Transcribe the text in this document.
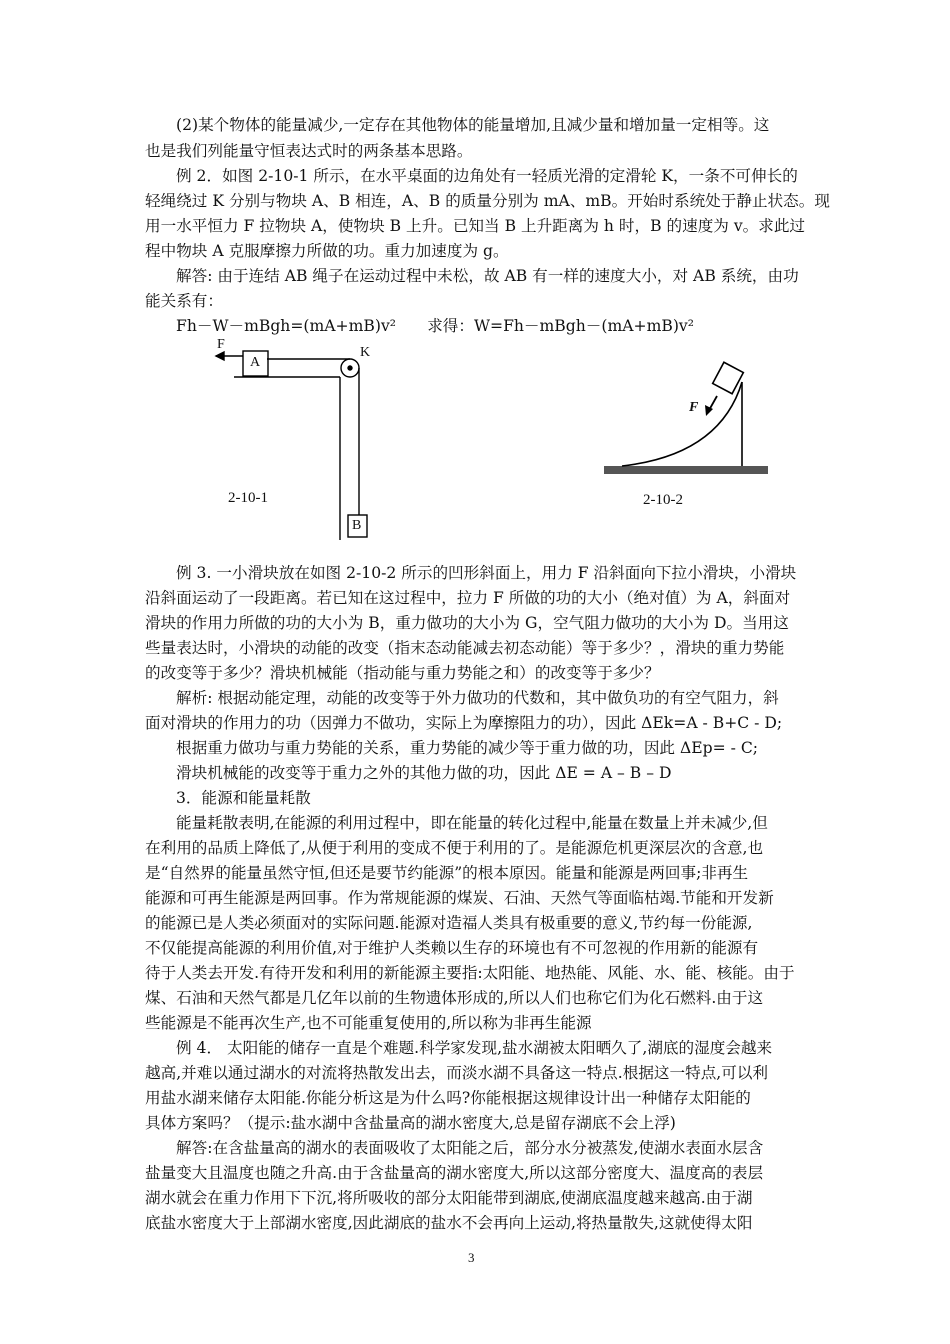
(2)某个物体的能量减少,一定存在其他物体的能量增加,且减少量和增加量一定相等。这
也是我们列能量守恒表达式时的两条基本思路。
例 2．如图 2-10-1 所示，在水平桌面的边角处有一轻质光滑的定滑轮 K，一条不可伸长的
轻绳绕过 K 分别与物块 A、B 相连，A、B 的质量分别为 mA、mB。开始时系统处于静止状态。现
用一水平恒力 F 拉物块 A，使物块 B 上升。已知当 B 上升距离为 h 时，B 的速度为 v。求此过
程中物块 A 克服摩擦力所做的功。重力加速度为 g。
解答: 由于连结 AB 绳子在运动过程中未松，故 AB 有一样的速度大小，对 AB 系统，由功
能关系有：
Fh－W－mBgh=(mA+mB)v²　　求得：W=Fh－mBgh－(mA+mB)v²
F
A
K
B
2-10-1
F
2-10-2
例 3. 一小滑块放在如图 2-10-2 所示的凹形斜面上，用力 F 沿斜面向下拉小滑块，小滑块
沿斜面运动了一段距离。若已知在这过程中，拉力 F 所做的功的大小（绝对值）为 A，斜面对
滑块的作用力所做的功的大小为 B，重力做功的大小为 G，空气阻力做功的大小为 D。当用这
些量表达时，小滑块的动能的改变（指末态动能减去初态动能）等于多少？，滑块的重力势能
的改变等于多少？滑块机械能（指动能与重力势能之和）的改变等于多少？
解析: 根据动能定理，动能的改变等于外力做功的代数和，其中做负功的有空气阻力，斜
面对滑块的作用力的功（因弹力不做功，实际上为摩擦阻力的功），因此 ΔEk=A - B+C - D;
根据重力做功与重力势能的关系，重力势能的减少等于重力做的功，因此 ΔEp= - C;
滑块机械能的改变等于重力之外的其他力做的功，因此 ΔE = A – B – D
3．能源和能量耗散
能量耗散表明,在能源的利用过程中，即在能量的转化过程中,能量在数量上并未减少,但
在利用的品质上降低了,从便于利用的变成不便于利用的了。是能源危机更深层次的含意,也
是“自然界的能量虽然守恒,但还是要节约能源”的根本原因。能量和能源是两回事;非再生
能源和可再生能源是两回事。作为常规能源的煤炭、石油、天然气等面临枯竭.节能和开发新
的能源已是人类必须面对的实际问题.能源对造福人类具有极重要的意义,节约每一份能源,
不仅能提高能源的利用价值,对于维护人类赖以生存的环境也有不可忽视的作用新的能源有
待于人类去开发.有待开发和利用的新能源主要指:太阳能、地热能、风能、水、能、核能。由于
煤、石油和天然气都是几亿年以前的生物遗体形成的,所以人们也称它们为化石燃料.由于这
些能源是不能再次生产,也不可能重复使用的,所以称为非再生能源
例 4． 太阳能的储存一直是个难题.科学家发现,盐水湖被太阳晒久了,湖底的湿度会越来
越高,并难以通过湖水的对流将热散发出去，而淡水湖不具备这一特点.根据这一特点,可以利
用盐水湖来储存太阳能.你能分析这是为什么吗?你能根据这规律设计出一种储存太阳能的
具体方案吗？（提示:盐水湖中含盐量高的湖水密度大,总是留存湖底不会上浮)
解答:在含盐量高的湖水的表面吸收了太阳能之后，部分水分被蒸发,使湖水表面水层含
盐量变大且温度也随之升高.由于含盐量高的湖水密度大,所以这部分密度大、温度高的表层
湖水就会在重力作用下下沉,将所吸收的部分太阳能带到湖底,使湖底温度越来越高.由于湖
底盐水密度大于上部湖水密度,因此湖底的盐水不会再向上运动,将热量散失,这就使得太阳
3
